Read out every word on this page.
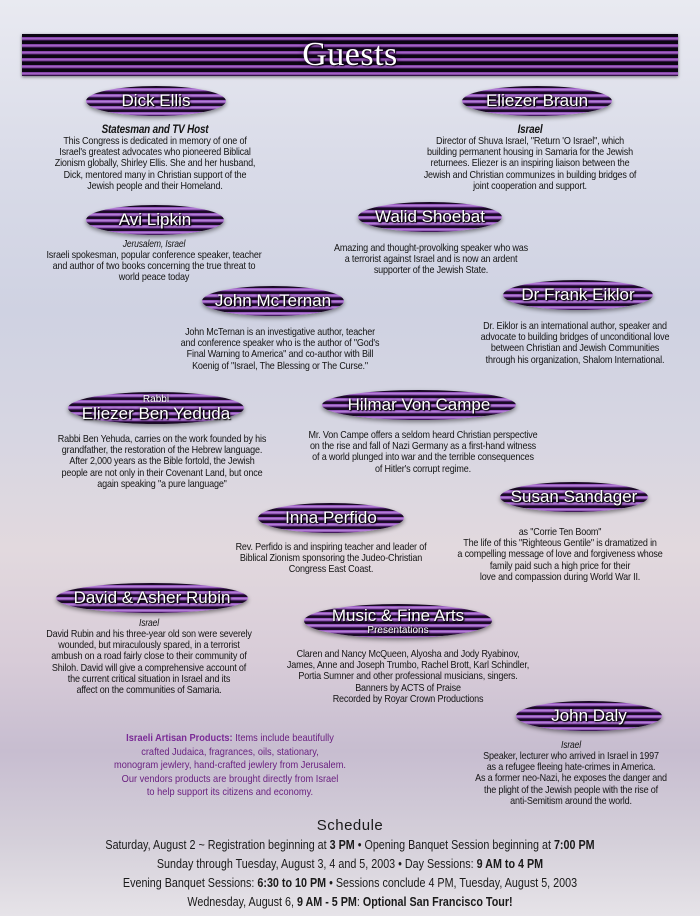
Guests
Dick Ellis
Statesman and TV Host
This Congress is dedicated in memory of one of
Israel's greatest advocates who pioneered Biblical
Zionism globally, Shirley Ellis. She and her husband,
Dick, mentored many in Christian support of the
Jewish people and their Homeland.
Eliezer Braun
Israel
Director of Shuva Israel, "Return 'O Israel", which
building permanent housing in Samaria for the Jewish
returnees. Eliezer is an inspiring liaison between the
Jewish and Christian communizes in building bridges of
joint cooperation and support.
Avi Lipkin
Jerusalem, Israel
Israeli spokesman, popular conference speaker, teacher
and author of two books concerning the true threat to
world peace today
Walid Shoebat
Amazing and thought-provolking speaker who was
a terrorist against Israel and is now an ardent
supporter of the Jewish State.
John McTernan
John McTernan is an investigative author, teacher
and conference speaker who is the author of "God's
Final Warning to America" and co-author with Bill
Koenig of "Israel, The Blessing or The Curse."
Dr Frank Eiklor
Dr. Eiklor is an international author, speaker and
advocate to building bridges of unconditional love
between Christian and Jewish Communities
through his organization, Shalom International.
Rabbi
Eliezer Ben Yeduda
Rabbi Ben Yehuda, carries on the work founded by his
grandfather, the restoration of the Hebrew language.
After 2,000 years as the Bible fortold, the Jewish
people are not only in their Covenant Land, but once
again speaking "a pure language"
Hilmar Von Campe
Mr. Von Campe offers a seldom heard Christian perspective
on the rise and fall of Nazi Germany as a first-hand witness
of a world plunged into war and the terrible consequences
of Hitler's corrupt regime.
Susan Sandager
as "Corrie Ten Boom"
The life of this "Righteous Gentile" is dramatized in
a compelling message of love and forgiveness whose
family paid such a high price for their
love and compassion during World War II.
Inna Perfido
Rev. Perfido is and inspiring teacher and leader of
Biblical Zionism sponsoring the Judeo-Christian
Congress East Coast.
David & Asher Rubin
Israel
David Rubin and his three-year old son were severely
wounded, but miraculously spared, in a terrorist
ambush on a road fairly close to their community of
Shiloh. David will give a comprehensive account of
the current critical situation in Israel and its
affect on the communities of Samaria.
Music & Fine Arts
Presentations
Claren and Nancy McQueen, Alyosha and Jody Ryabinov,
James, Anne and Joseph Trumbo, Rachel Brott, Karl Schindler,
Portia Sumner and other professional musicians, singers.
Banners by ACTS of Praise
Recorded by Royar Crown Productions
John Daly
Israel
Speaker, lecturer who arrived in Israel in 1997
as a refugee fleeing hate-crimes in America.
As a former neo-Nazi, he exposes the danger and
the plight of the Jewish people with the rise of
anti-Semitism around the world.
Israeli Artisan Products: Items include beautifully
crafted Judaica, fragrances, oils, stationary,
monogram jewlery, hand-crafted jewlery from Jerusalem.
Our vendors products are brought directly from Israel
to help support its citizens and economy.
Schedule
Saturday, August 2 ~ Registration beginning at 3 PM • Opening Banquet Session beginning at 7:00 PM
Sunday through Tuesday, August 3, 4 and 5, 2003 • Day Sessions: 9 AM to 4 PM
Evening Banquet Sessions: 6:30 to 10 PM • Sessions conclude 4 PM, Tuesday, August 5, 2003
Wednesday, August 6, 9 AM - 5 PM: Optional San Francisco Tour!
